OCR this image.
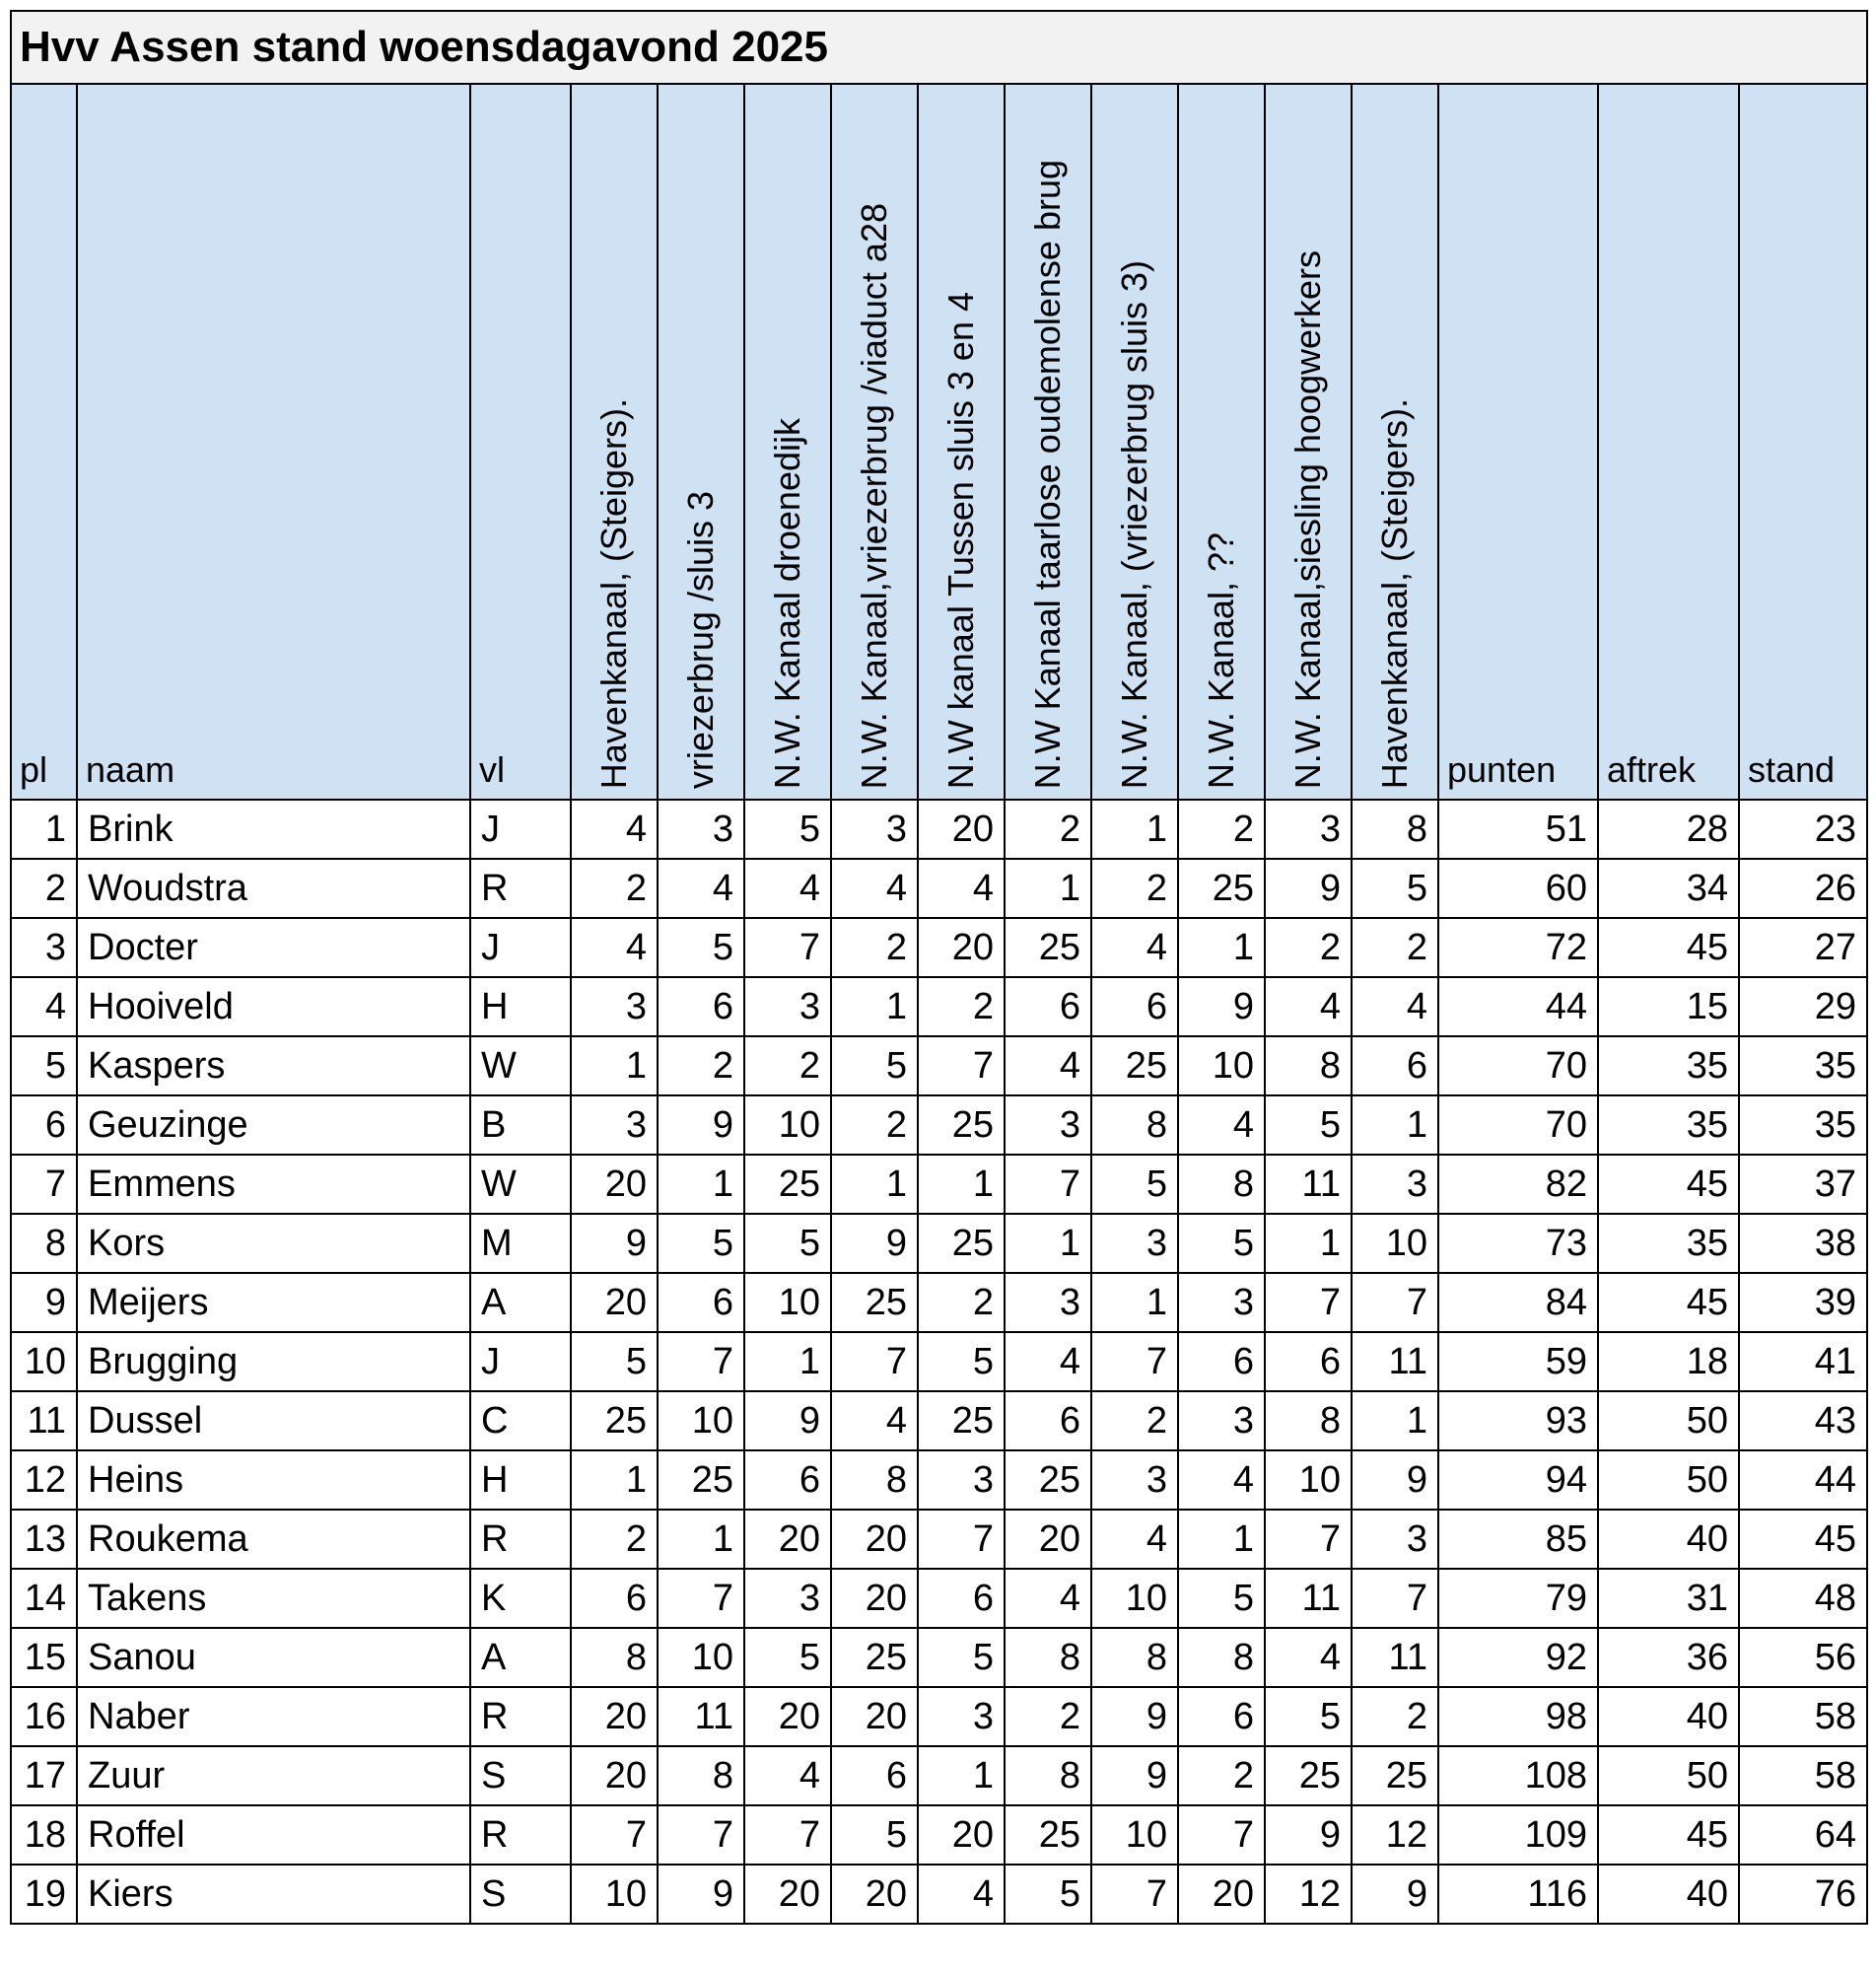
Hvv Assen stand woensdagavond 2025															
pl	naam	vl	Havenkanaal, (Steigers).	vriezerbrug /sluis 3	N.W. Kanaal droenedijk	N.W. Kanaal,vriezerbrug /viaduct a28	N.W kanaal Tussen sluis 3 en 4	N.W Kanaal taarlose oudemolense brug	N.W. Kanaal, (vriezerbrug sluis 3)	N.W. Kanaal, ??	N.W. Kanaal,siesling hoogwerkers	Havenkanaal, (Steigers).	punten	aftrek	stand
1	Brink	J	4	3	5	3	20	2	1	2	3	8	51	28	23
2	Woudstra	R	2	4	4	4	4	1	2	25	9	5	60	34	26
3	Docter	J	4	5	7	2	20	25	4	1	2	2	72	45	27
4	Hooiveld	H	3	6	3	1	2	6	6	9	4	4	44	15	29
5	Kaspers	W	1	2	2	5	7	4	25	10	8	6	70	35	35
6	Geuzinge	B	3	9	10	2	25	3	8	4	5	1	70	35	35
7	Emmens	W	20	1	25	1	1	7	5	8	11	3	82	45	37
8	Kors	M	9	5	5	9	25	1	3	5	1	10	73	35	38
9	Meijers	A	20	6	10	25	2	3	1	3	7	7	84	45	39
10	Brugging	J	5	7	1	7	5	4	7	6	6	11	59	18	41
11	Dussel	C	25	10	9	4	25	6	2	3	8	1	93	50	43
12	Heins	H	1	25	6	8	3	25	3	4	10	9	94	50	44
13	Roukema	R	2	1	20	20	7	20	4	1	7	3	85	40	45
14	Takens	K	6	7	3	20	6	4	10	5	11	7	79	31	48
15	Sanou	A	8	10	5	25	5	8	8	8	4	11	92	36	56
16	Naber	R	20	11	20	20	3	2	9	6	5	2	98	40	58
17	Zuur	S	20	8	4	6	1	8	9	2	25	25	108	50	58
18	Roffel	R	7	7	7	5	20	25	10	7	9	12	109	45	64
19	Kiers	S	10	9	20	20	4	5	7	20	12	9	116	40	76
